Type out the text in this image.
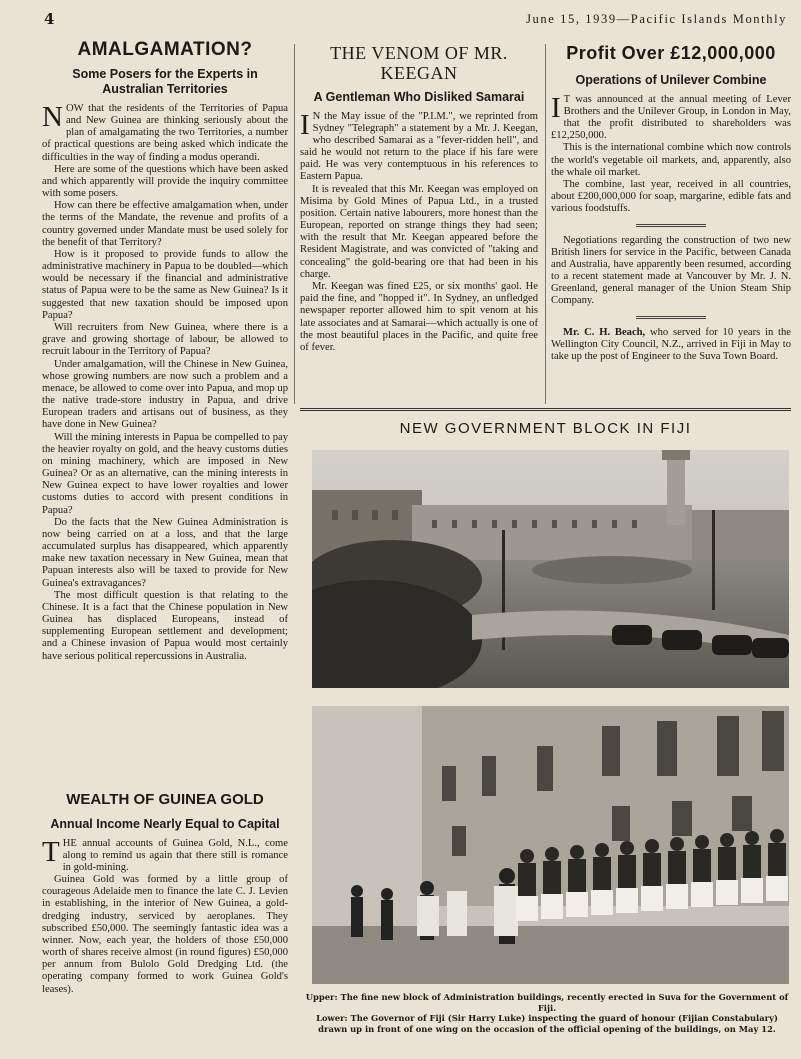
4	June 15, 1939—Pacific Islands Monthly
AMALGAMATION?
Some Posers for the Experts in Australian Territories

NOW that the residents of the Territories of Papua and New Guinea are thinking seriously about the plan of amalgamating the two Territories, a number of practical questions are being asked which indicate the difficulties in the way of finding a modus operandi.

Here are some of the questions which have been asked and which apparently will provide the inquiry committee with some posers.

How can there be effective amalgamation when, under the terms of the Mandate, the revenue and profits of a country governed under Mandate must be used solely for the benefit of that Territory?

How is it proposed to provide funds to allow the administrative machinery in Papua to be doubled—which would be necessary if the financial and administrative status of Papua were to be the same as New Guinea? Is it suggested that new taxation should be imposed upon Papua?

Will recruiters from New Guinea, where there is a grave and growing shortage of labour, be allowed to recruit labour in the Territory of Papua?

Under amalgamation, will the Chinese in New Guinea, whose growing numbers are now such a problem and a menace, be allowed to come over into Papua, and mop up the native trade-store industry in Papua, and drive European traders and artisans out of business, as they have done in New Guinea?

Will the mining interests in Papua be compelled to pay the heavier royalty on gold, and the heavy customs duties on mining machinery, which are imposed in New Guinea? Or as an alternative, can the mining interests in New Guinea expect to have lower royalties and lower customs duties to accord with present conditions in Papua?

Do the facts that the New Guinea Administration is now being carried on at a loss, and that the large accumulated surplus has disappeared, which apparently make new taxation necessary in New Guinea, mean that Papuan interests also will be taxed to provide for New Guinea's extravagances?

The most difficult question is that relating to the Chinese. It is a fact that the Chinese population in New Guinea has displaced Europeans, instead of supplementing European settlement and development; and a Chinese invasion of Papua would most certainly have serious political repercussions in Australia.

WEALTH OF GUINEA GOLD
Annual Income Nearly Equal to Capital

THE annual accounts of Guinea Gold, N.L., come along to remind us again that there still is romance in gold-mining.

Guinea Gold was formed by a little group of courageous Adelaide men to finance the late C. J. Levien in establishing, in the interior of New Guinea, a gold-dredging industry, serviced by aeroplanes. They subscribed £50,000. The seemingly fantastic idea was a winner. Now, each year, the holders of those £50,000 worth of shares receive almost (in round figures) £50,000 per annum from Bulolo Gold Dredging Ltd. (the operating company formed to work Guinea Gold's leases).

THE VENOM OF MR. KEEGAN
A Gentleman Who Disliked Samarai

I N the May issue of the "P.I.M.", we reprinted from Sydney "Telegraph" a statement by a Mr. J. Keegan, who described Samarai as a "fever-ridden hell", and said he would not return to the place if his fare were paid. He was very contemptuous in his references to Eastern Papua.

It is revealed that this Mr. Keegan was employed on Misima by Gold Mines of Papua Ltd., in a trusted position. Certain native labourers, more honest than the European, reported on strange things they had seen; with the result that Mr. Keegan appeared before the Resident Magistrate, and was convicted of "taking and concealing" the gold-bearing ore that had been in his charge.

Mr. Keegan was fined £25, or six months' gaol. He paid the fine, and "hopped it". In Sydney, an unfledged newspaper reporter allowed him to spit venom at his late associates and at Samarai—which actually is one of the most beautiful places in the Pacific, and quite free of fever.

Profit Over £12,000,000
Operations of Unilever Combine

I T was announced at the annual meeting of Lever Brothers and the Unilever Group, in London in May, that the profit distributed to shareholders was £12,250,000.

This is the international combine which now controls the world's vegetable oil markets, and, apparently, also the whale oil market.

The combine, last year, received in all countries, about £200,000,000 for soap, margarine, edible fats and various foodstuffs.

Negotiations regarding the construction of two new British liners for service in the Pacific, between Canada and Australia, have apparently been resumed, according to a recent statement made at Vancouver by Mr. J. N. Greenland, general manager of the Union Steam Ship Company.

Mr. C. H. Beach, who served for 10 years in the Wellington City Council, N.Z., arrived in Fiji in May to take up the post of Engineer to the Suva Town Board.

NEW GOVERNMENT BLOCK IN FIJI
Upper: The fine new block of Administration buildings, recently erected in Suva for the Government of Fiji.
Lower: The Governor of Fiji (Sir Harry Luke) inspecting the guard of honour (Fijian Constabulary) drawn up in front of one wing on the occasion of the official opening of the buildings, on May 12.
